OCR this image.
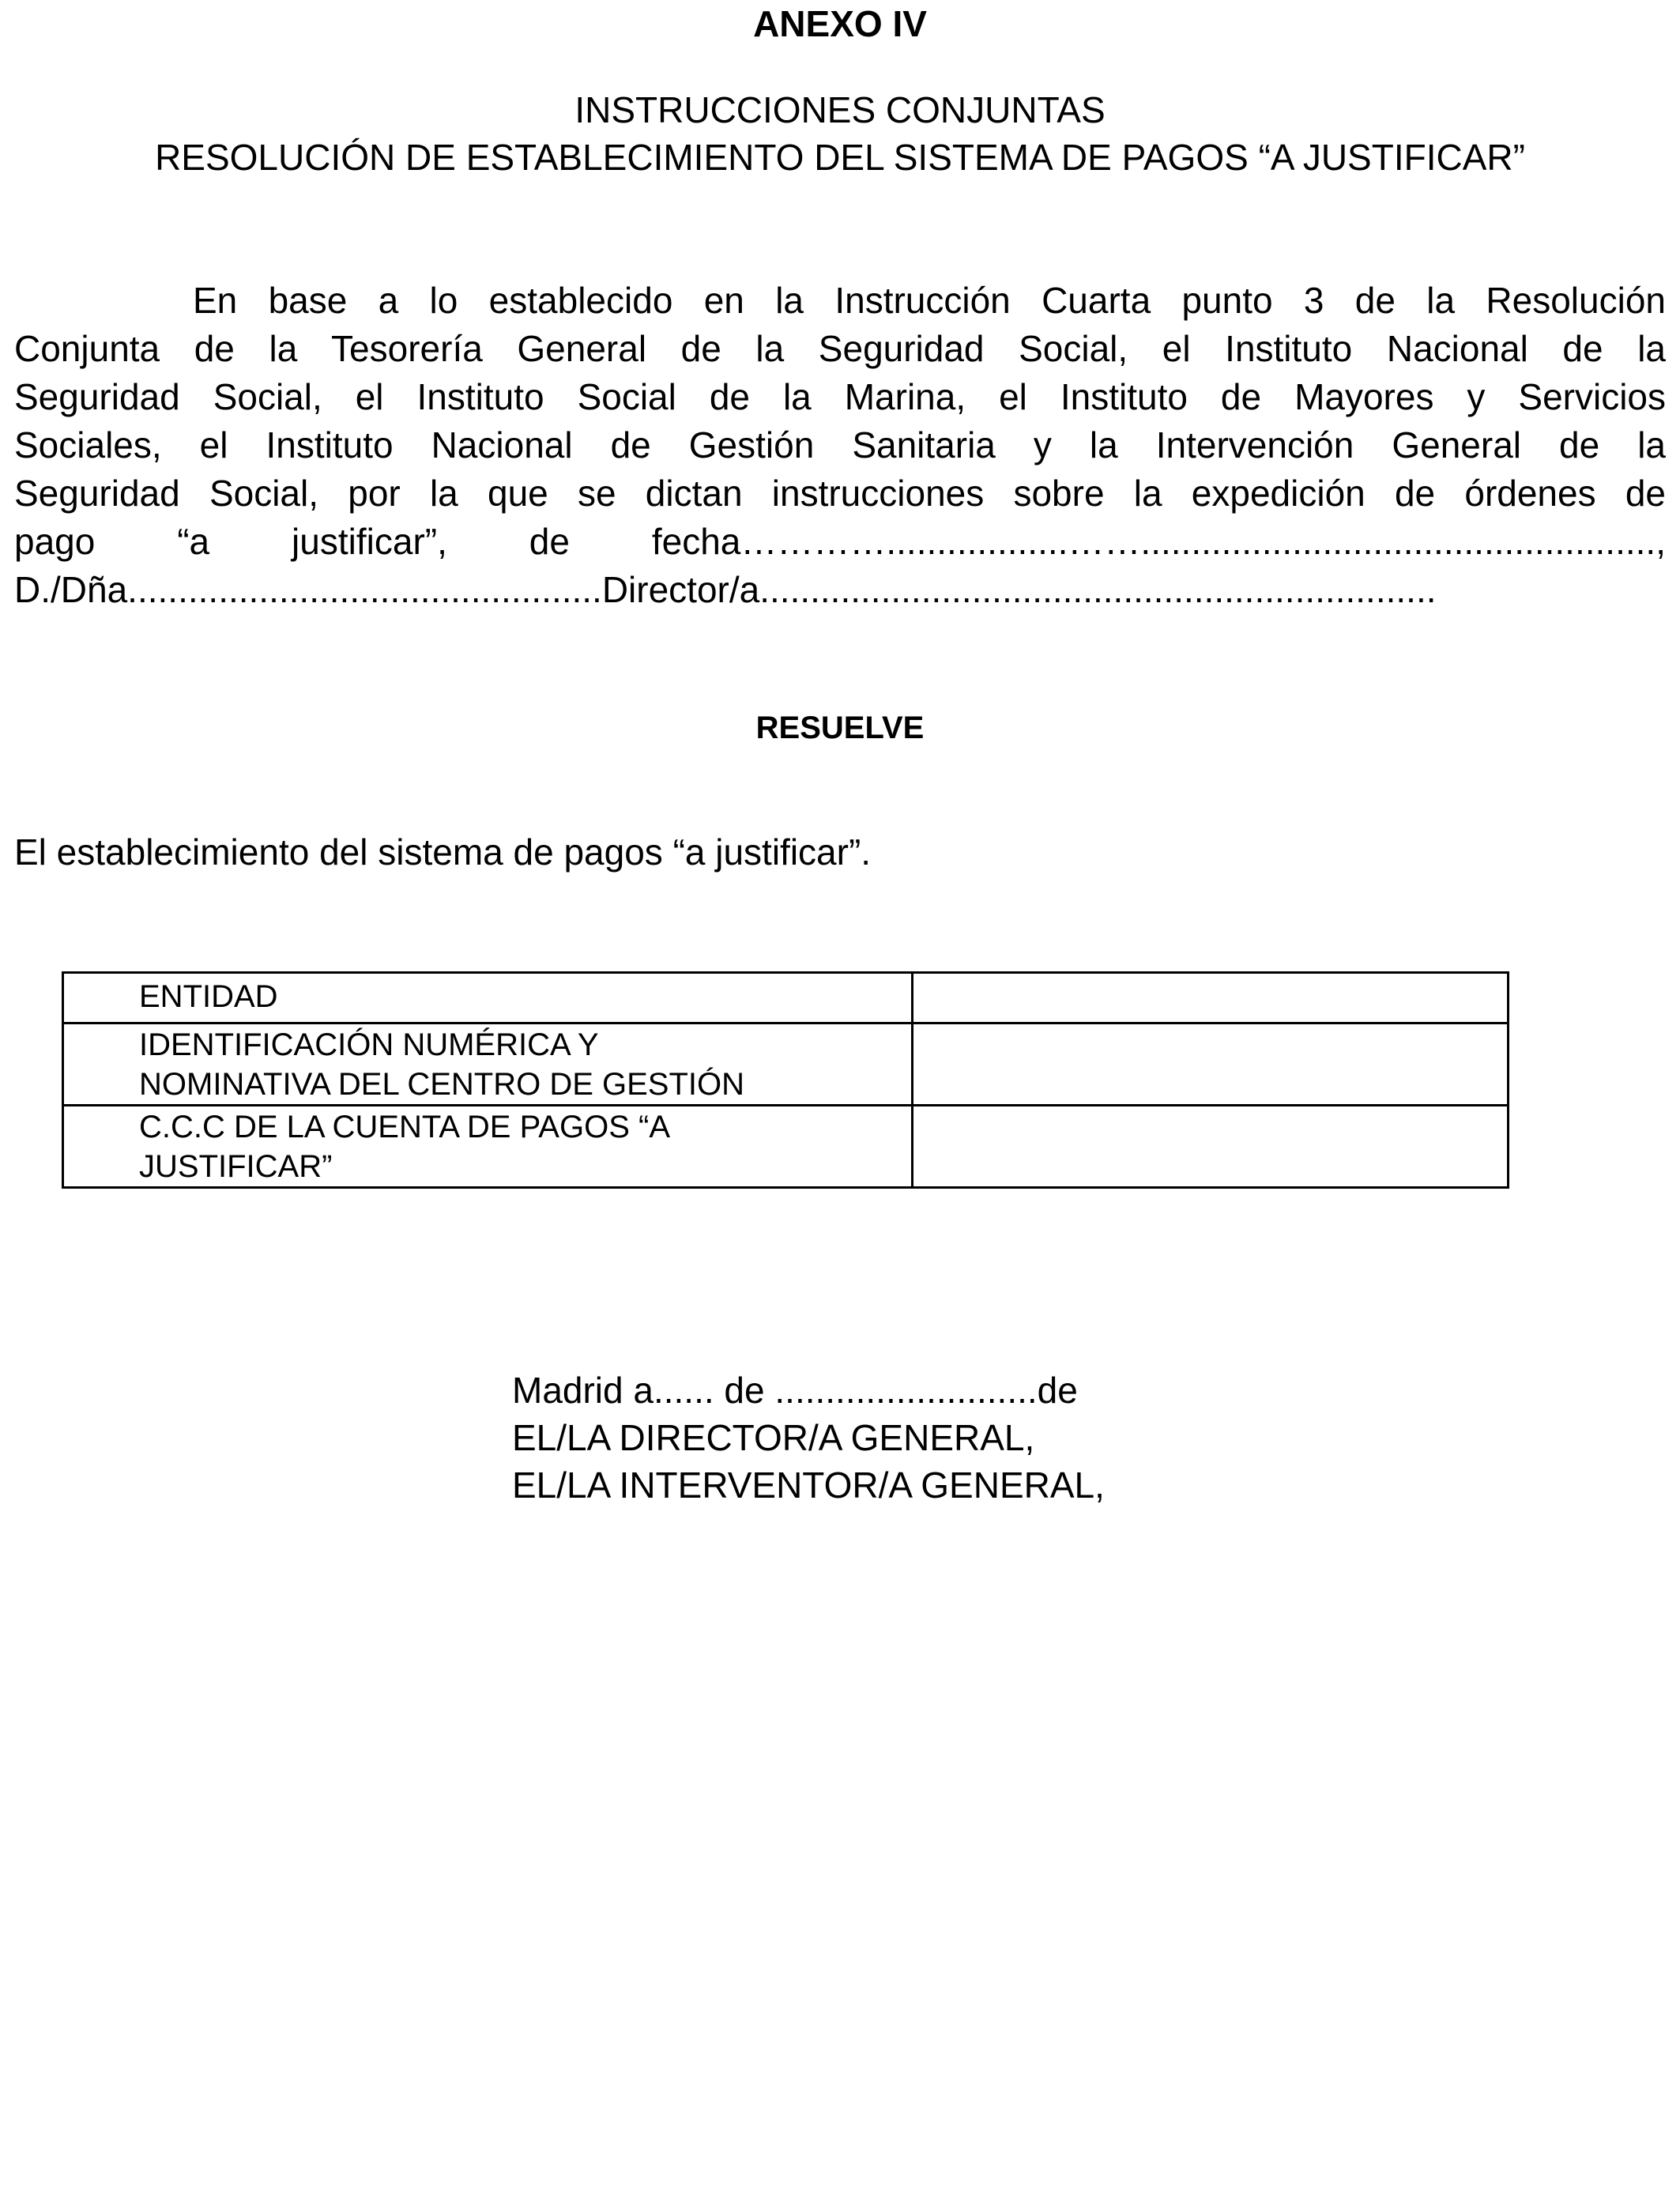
ANEXO IV
INSTRUCCIONES CONJUNTAS
RESOLUCIÓN DE ESTABLECIMIENTO DEL SISTEMA DE PAGOS “A JUSTIFICAR”
En base a lo establecido en la Instrucción Cuarta punto 3 de la Resolución
Conjunta de la Tesorería General de la Seguridad Social, el Instituto Nacional de la
Seguridad Social, el Instituto Social de la Marina, el Instituto de Mayores y Servicios
Sociales, el Instituto Nacional de Gestión Sanitaria y la Intervención General de la
Seguridad Social, por la que se dictan instrucciones sobre la expedición de órdenes de
pago “a justificar”, de fecha…………..................……...................................................,
D./Dña...............................................Director/a...................................................................
RESUELVE
El establecimiento del sistema de pagos “a justificar”.
ENTIDAD	

IDENTIFICACIÓN NUMÉRICA Y
NOMINATIVA DEL CENTRO DE GESTIÓN	

C.C.C DE LA CUENTA DE PAGOS “A
JUSTIFICAR”	

Madrid a...... de ..........................de
EL/LA DIRECTOR/A GENERAL,
EL/LA INTERVENTOR/A GENERAL,
